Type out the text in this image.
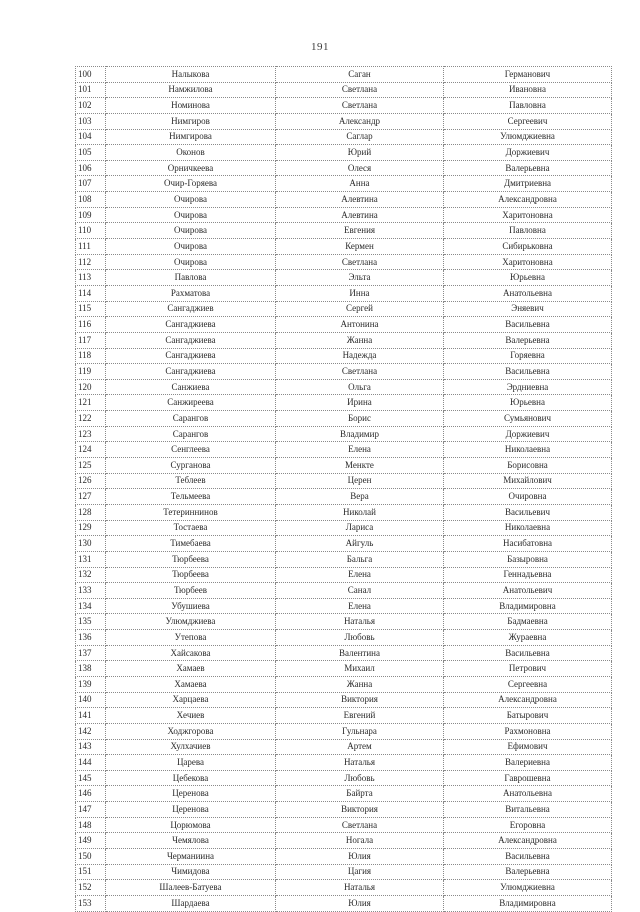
191
100	Налыкова	Саган	Германович
101	Намжилова	Светлана	Ивановна
102	Номинова	Светлана	Павловна
103	Нимгиров	Александр	Сергеевич
104	Нимгирова	Саглар	Улюмджиевна
105	Оконов	Юрий	Доржиевич
106	Орничкеева	Олеся	Валерьевна
107	Очир-Горяева	Анна	Дмитриевна
108	Очирова	Алевтина	Александровна
109	Очирова	Алевтина	Харитоновна
110	Очирова	Евгения	Павловна
111	Очирова	Кермен	Сибирьковна
112	Очирова	Светлана	Харитоновна
113	Павлова	Эльта	Юрьевна
114	Рахматова	Инна	Анатольевна
115	Сангаджиев	Сергей	Эняевич
116	Сангаджиева	Антонина	Васильевна
117	Сангаджиева	Жанна	Валерьевна
118	Сангаджиева	Надежда	Горяевна
119	Сангаджиева	Светлана	Васильевна
120	Санжиева	Ольга	Эрдниевна
121	Санжиреева	Ирина	Юрьевна
122	Сарангов	Борис	Сумьянович
123	Сарангов	Владимир	Доржиевич
124	Сенглеева	Елена	Николаевна
125	Сурганова	Менкте	Борисовна
126	Теблеев	Церен	Михайлович
127	Тельмеева	Вера	Очировна
128	Тетериннинов	Николай	Васильевич
129	Тостаева	Лариса	Николаевна
130	Тимебаева	Айгуль	Насибатовна
131	Тюрбеева	Бальга	Базыровна
132	Тюрбеева	Елена	Геннадьевна
133	Тюрбеев	Санал	Анатольевич
134	Убушиева	Елена	Владимировна
135	Улюмджиева	Наталья	Бадмаевна
136	Утепова	Любовь	Жураевна
137	Хайсакова	Валентина	Васильевна
138	Хамаев	Михаил	Петрович
139	Хамаева	Жанна	Сергеевна
140	Харцаева	Виктория	Александровна
141	Хечиев	Евгений	Батырович
142	Ходжгорова	Гульнара	Рахмоновна
143	Хулхачиев	Артем	Ефимович
144	Царева	Наталья	Валериевна
145	Цебекова	Любовь	Гаврошевна
146	Церенова	Байрта	Анатольевна
147	Церенова	Виктория	Витальевна
148	Цорюмова	Светлана	Егоровна
149	Чемялова	Ногала	Александровна
150	Черманиина	Юлия	Васильевна
151	Чимидова	Цагия	Валерьевна
152	Шалеев-Батуева	Наталья	Улюмджиевна
153	Шардаева	Юлия	Владимировна
